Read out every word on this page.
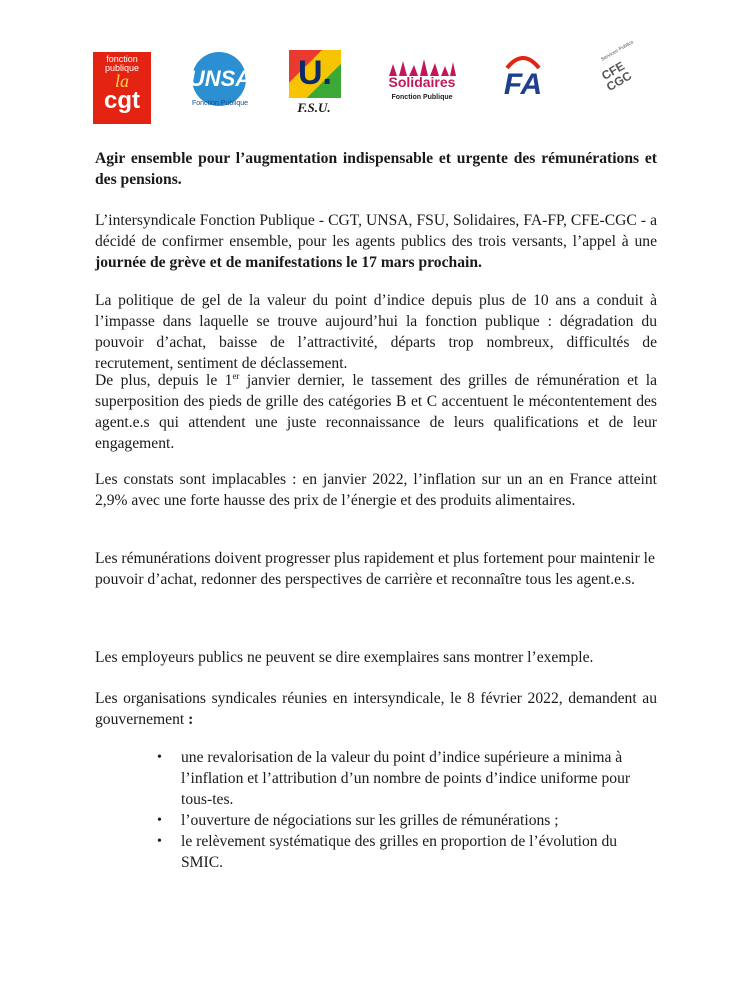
fonction publique
la
cgt
UNSA
Fonction Publique
U.
F.S.U.
Solidaires
Fonction Publique	FA
Services Publics
CFE CGC

Agir ensemble pour l’augmentation indispensable et urgente des rémunérations et des pensions.

L’intersyndicale Fonction Publique - CGT, UNSA, FSU, Solidaires, FA-FP, CFE-CGC - a décidé de confirmer ensemble, pour les agents publics des trois versants, l’appel à une journée de grève et de manifestations le 17 mars prochain.

La politique de gel de la valeur du point d’indice depuis plus de 10 ans a conduit à l’impasse dans laquelle se trouve aujourd’hui la fonction publique : dégradation du pouvoir d’achat, baisse de l’attractivité, départs trop nombreux, difficultés de recrutement, sentiment de déclassement.

De plus, depuis le 1er janvier dernier, le tassement des grilles de rémunération et la superposition des pieds de grille des catégories B et C accentuent le mécontentement des agent.e.s qui attendent une juste reconnaissance de leurs qualifications et de leur engagement.

Les constats sont implacables : en janvier 2022, l’inflation sur un an en France atteint 2,9% avec une forte hausse des prix de l’énergie et des produits alimentaires.

Les rémunérations doivent progresser plus rapidement et plus fortement pour maintenir le pouvoir d’achat, redonner des perspectives de carrière et reconnaître tous les agent.e.s.

Les employeurs publics ne peuvent se dire exemplaires sans montrer l’exemple.

Les organisations syndicales réunies en intersyndicale, le 8 février 2022, demandent au gouvernement :

• une revalorisation de la valeur du point d’indice supérieure a minima à l’inflation et l’attribution d’un nombre de points d’indice uniforme pour tous-tes.
• l’ouverture de négociations sur les grilles de rémunérations ;
• le relèvement systématique des grilles en proportion de l’évolution du SMIC.
